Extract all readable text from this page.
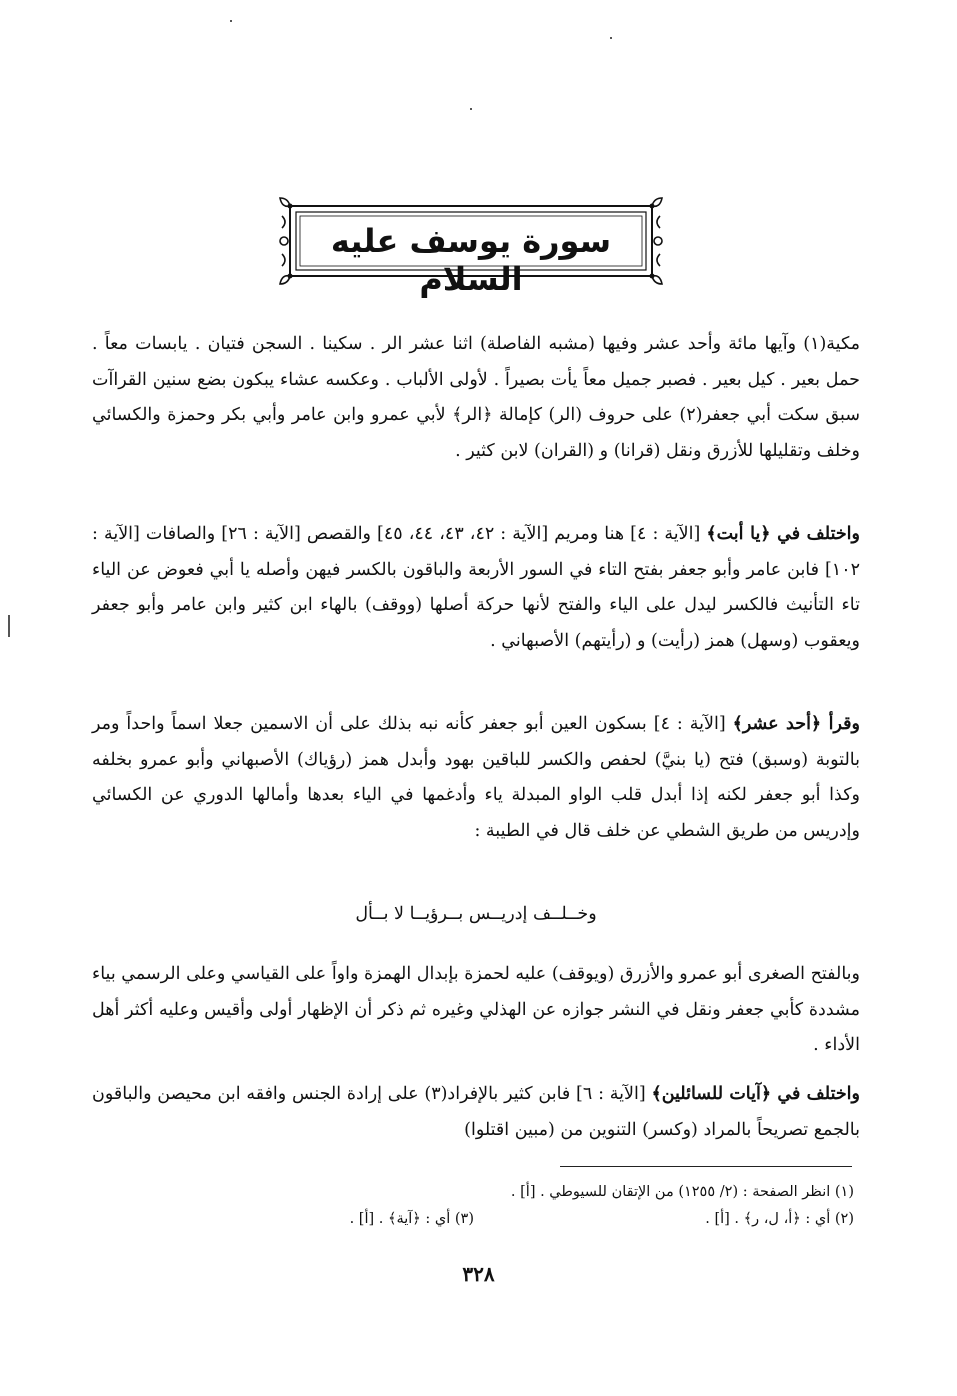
سورة يوسف عليه السلام

مكية(١) وآيها مائة وأحد عشر وفيها (مشبه الفاصلة) اثنا عشر الر . سكينا . السجن فتيان . يابسات معاً . حمل بعير . كيل بعير . فصبر جميل معاً يأت بصيراً . لأولى الألباب . وعكسه عشاء يبكون بضع سنين القراآت سبق سكت أبي جعفر(٢) على حروف (الر) كإمالة ﴿الر﴾ لأبي عمرو وابن عامر وأبي بكر وحمزة والكسائي وخلف وتقليلها للأزرق ونقل (قرانا) و (القران) لابن كثير .

واختلف في ﴿يا أبت﴾ [الآية : ٤] هنا ومريم [الآية : ٤٢، ٤٣، ٤٤، ٤٥] والقصص [الآية : ٢٦] والصافات [الآية : ١٠٢] فابن عامر وأبو جعفر بفتح التاء في السور الأربعة والباقون بالكسر فيهن وأصله يا أبي فعوض عن الياء تاء التأنيث فالكسر ليدل على الياء والفتح لأنها حركة أصلها (ووقف) بالهاء ابن كثير وابن عامر وأبو جعفر ويعقوب (وسهل) همز (رأيت) و (رأيتهم) الأصبهاني .

وقرأ ﴿أحد عشر﴾ [الآية : ٤] بسكون العين أبو جعفر كأنه نبه بذلك على أن الاسمين جعلا اسماً واحداً ومر بالتوبة (وسبق) فتح (يا بنيَّ) لحفص والكسر للباقين بهود وأبدل همز (رؤياك) الأصبهاني وأبو عمرو بخلفه وكذا أبو جعفر لكنه إذا أبدل قلب الواو المبدلة ياء وأدغمها في الياء بعدها وأمالها الدوري عن الكسائي وإدريس من طريق الشطي عن خلف قال في الطيبة :

وخــلــف إدريــس بــرؤيــا لا بــأل

وبالفتح الصغرى أبو عمرو والأزرق (ويوقف) عليه لحمزة بإبدال الهمزة واواً على القياسي وعلى الرسمي بياء مشددة كأبي جعفر ونقل في النشر جوازه عن الهذلي وغيره ثم ذكر أن الإظهار أولى وأقيس وعليه أكثر أهل الأداء .

واختلف في ﴿آيات للسائلين﴾ [الآية : ٦] فابن كثير بالإفراد(٣) على إرادة الجنس وافقه ابن محيصن والباقون بالجمع تصريحاً بالمراد (وكسر) التنوين من (مبين اقتلوا)

(١) انظر الصفحة : (٢/ ١٢٥٥) من الإتقان للسيوطي . [أ] .
(٢) أي : ﴿أ، ل، ر﴾ . [أ] .
(٣) أي : ﴿آية﴾ . [أ] .
٣٢٨
